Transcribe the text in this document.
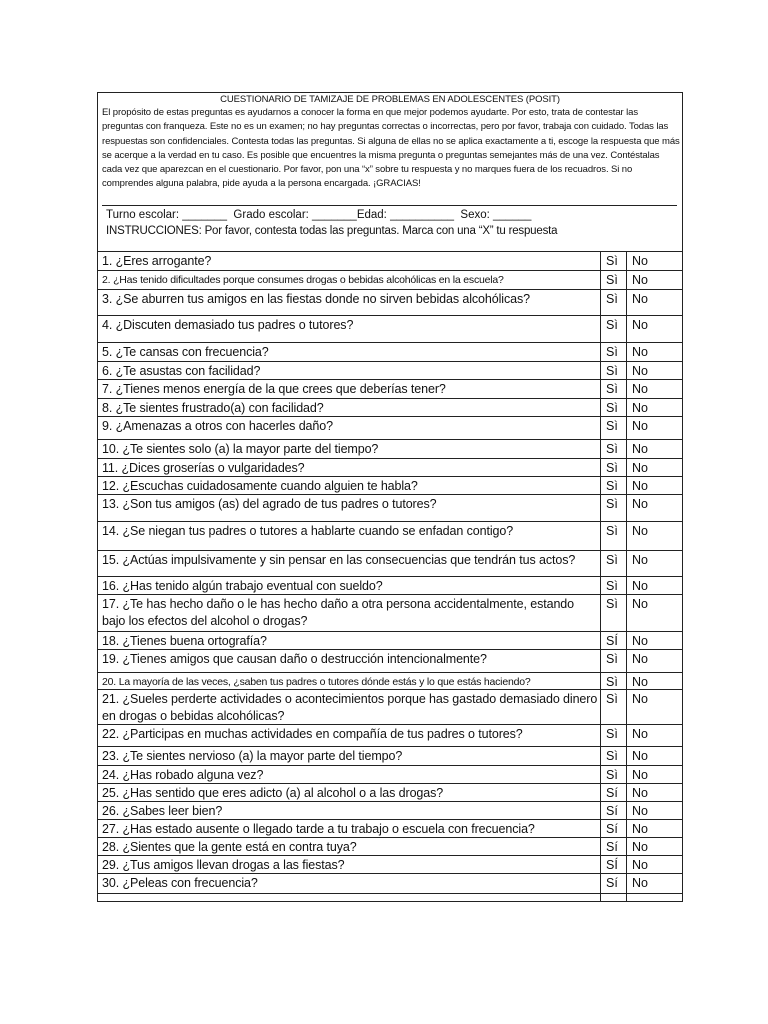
CUESTIONARIO DE TAMIZAJE DE PROBLEMAS EN ADOLESCENTES (POSIT)
El propósito de estas preguntas es ayudarnos a conocer la forma en que mejor podemos ayudarte. Por esto, trata de contestar las preguntas con franqueza. Este no es un examen; no hay preguntas correctas o incorrectas, pero por favor, trabaja con cuidado. Todas las respuestas son confidenciales. Contesta todas las preguntas. Si alguna de ellas no se aplica exactamente a ti, escoge la respuesta que más se acerque a la verdad en tu caso. Es posible que encuentres la misma pregunta o preguntas semejantes más de una vez. Contéstalas cada vez que aparezcan en el cuestionario. Por favor, pon una “x” sobre tu respuesta y no marques fuera de los recuadros. Si no comprendes alguna palabra, pide ayuda a la persona encargada. ¡GRACIAS!
Turno escolar: _______  Grado escolar: _______Edad: __________  Sexo: ______
INSTRUCCIONES: Por favor, contesta todas las preguntas. Marca con una “X” tu respuesta
1. ¿Eres arrogante?	Sì No
2. ¿Has tenido dificultades porque consumes drogas o bebidas alcohólicas en la escuela?	Sì No
3. ¿Se aburren tus amigos en las fiestas donde no sirven bebidas alcohólicas?	Sì No
4. ¿Discuten demasiado tus padres o tutores?	Sì No
5. ¿Te cansas con frecuencia?	Sì No
6. ¿Te asustas con facilidad?	Sì No
7. ¿Tienes menos energía de la que crees que deberías tener?	Sì No
8. ¿Te sientes frustrado(a) con facilidad?	Sì No
9. ¿Amenazas a otros con hacerles daño?	Sì No
10. ¿Te sientes solo (a) la mayor parte del tiempo?	Sì No
11. ¿Dices groserías o vulgaridades?	Sì No
12. ¿Escuchas cuidadosamente cuando alguien te habla?	Sì No
13. ¿Son tus amigos (as) del agrado de tus padres o tutores?	Sì No
14. ¿Se niegan tus padres o tutores a hablarte cuando se enfadan contigo?	Sì No
15. ¿Actúas impulsivamente y sin pensar en las consecuencias que tendrán tus actos?	Sì No
16. ¿Has tenido algún trabajo eventual con sueldo?	Sì No
17. ¿Te has hecho daño o le has hecho daño a otra persona accidentalmente, estando bajo los efectos del alcohol o drogas?
Sì No
18. ¿Tienes buena ortografía?	SÍ No
19. ¿Tienes amigos que causan daño o destrucción intencionalmente?	Sì No
20. La mayoría de las veces, ¿saben tus padres o tutores dónde estás y lo que estás haciendo?	Sì No
21. ¿Sueles perderte actividades o acontecimientos porque has gastado demasiado dinero en drogas o bebidas alcohólicas?
Sì No
22. ¿Participas en muchas actividades en compañía de tus padres o tutores?	Sì No
23. ¿Te sientes nervioso (a) la mayor parte del tiempo?	Sì No
24. ¿Has robado alguna vez?	Sì No
25. ¿Has sentido que eres adicto (a) al alcohol o a las drogas?	Sí No
26. ¿Sabes leer bien?	Sí No
27. ¿Has estado ausente o llegado tarde a tu trabajo o escuela con frecuencia?	Sí No
28. ¿Sientes que la gente está en contra tuya?	Sí No
29. ¿Tus amigos llevan drogas a las fiestas?	SÍ No
30. ¿Peleas con frecuencia?	Sí No
